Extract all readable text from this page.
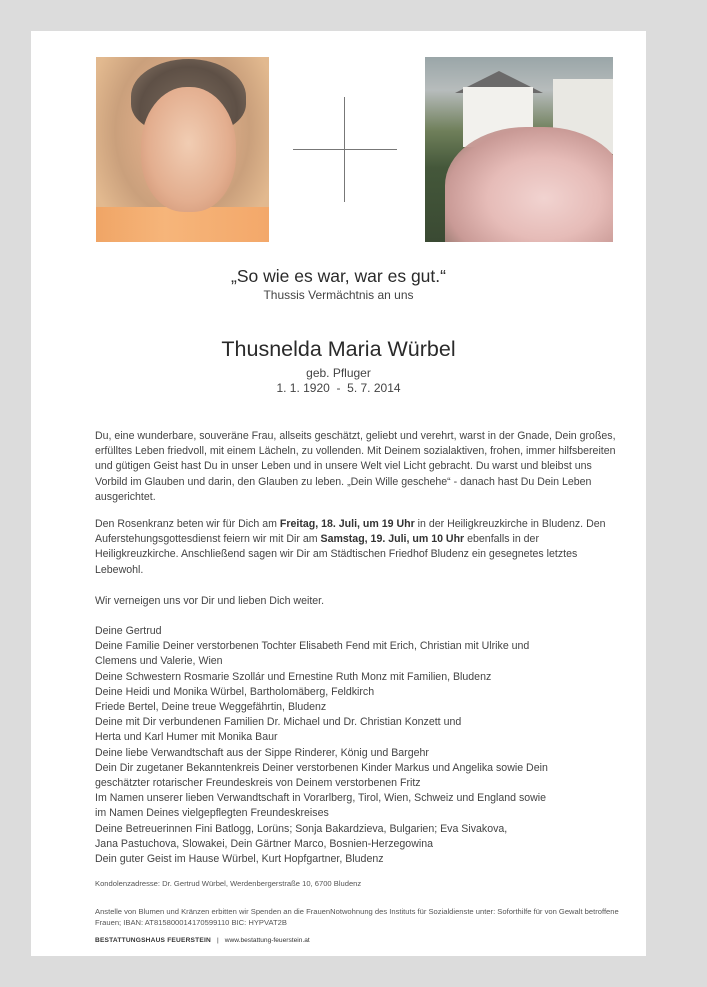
„So wie es war, war es gut.“
Thussis Vermächtnis an uns
Thusnelda Maria Würbel
geb. Pfluger
1. 1. 1920  -  5. 7. 2014
Du, eine wunderbare, souveräne Frau, allseits geschätzt, geliebt und verehrt, warst in der Gnade, Dein großes, erfülltes Leben friedvoll, mit einem Lächeln, zu vollenden. Mit Deinem sozialaktiven, frohen, immer hilfsbereiten und gütigen Geist hast Du in unser Leben und in unsere Welt viel Licht gebracht. Du warst und bleibst uns Vorbild im Glauben und darin, den Glauben zu leben. „Dein Wille geschehe“ - danach hast Du Dein Leben ausgerichtet.
Den Rosenkranz beten wir für Dich am Freitag, 18. Juli, um 19 Uhr in der Heiligkreuzkirche in Bludenz. Den Auferstehungsgottesdienst feiern wir mit Dir am Samstag, 19. Juli, um 10 Uhr ebenfalls in der Heiligkreuzkirche. Anschließend sagen wir Dir am Städtischen Friedhof Bludenz ein gesegnetes letztes Lebewohl.
Wir verneigen uns vor Dir und lieben Dich weiter.
Deine Gertrud
Deine Familie Deiner verstorbenen Tochter Elisabeth Fend mit Erich, Christian mit Ulrike und
Clemens und Valerie, Wien
Deine Schwestern Rosmarie Szollár und Ernestine Ruth Monz mit Familien, Bludenz
Deine Heidi und Monika Würbel, Bartholomäberg, Feldkirch
Friede Bertel, Deine treue Weggefährtin, Bludenz
Deine mit Dir verbundenen Familien Dr. Michael und Dr. Christian Konzett und
Herta und Karl Humer mit Monika Baur
Deine liebe Verwandtschaft aus der Sippe Rinderer, König und Bargehr
Dein Dir zugetaner Bekanntenkreis Deiner verstorbenen Kinder Markus und Angelika sowie Dein
geschätzter rotarischer Freundeskreis von Deinem verstorbenen Fritz
Im Namen unserer lieben Verwandtschaft in Vorarlberg, Tirol, Wien, Schweiz und England sowie
im Namen Deines vielgepflegten Freundeskreises
Deine Betreuerinnen Fini Batlogg, Lorüns; Sonja Bakardzieva, Bulgarien; Eva Sivakova,
Jana Pastuchova, Slowakei, Dein Gärtner Marco, Bosnien-Herzegowina
Dein guter Geist im Hause Würbel, Kurt Hopfgartner, Bludenz
Kondolenzadresse: Dr. Gertrud Würbel, Werdenbergerstraße 10, 6700 Bludenz
Anstelle von Blumen und Kränzen erbitten wir Spenden an die FrauenNotwohnung des Instituts für Sozialdienste unter: Soforthilfe für von Gewalt betroffene Frauen; IBAN: AT815800014170599110 BIC: HYPVAT2B
BESTATTUNGSHAUS FEUERSTEIN | www.bestattung-feuerstein.at
